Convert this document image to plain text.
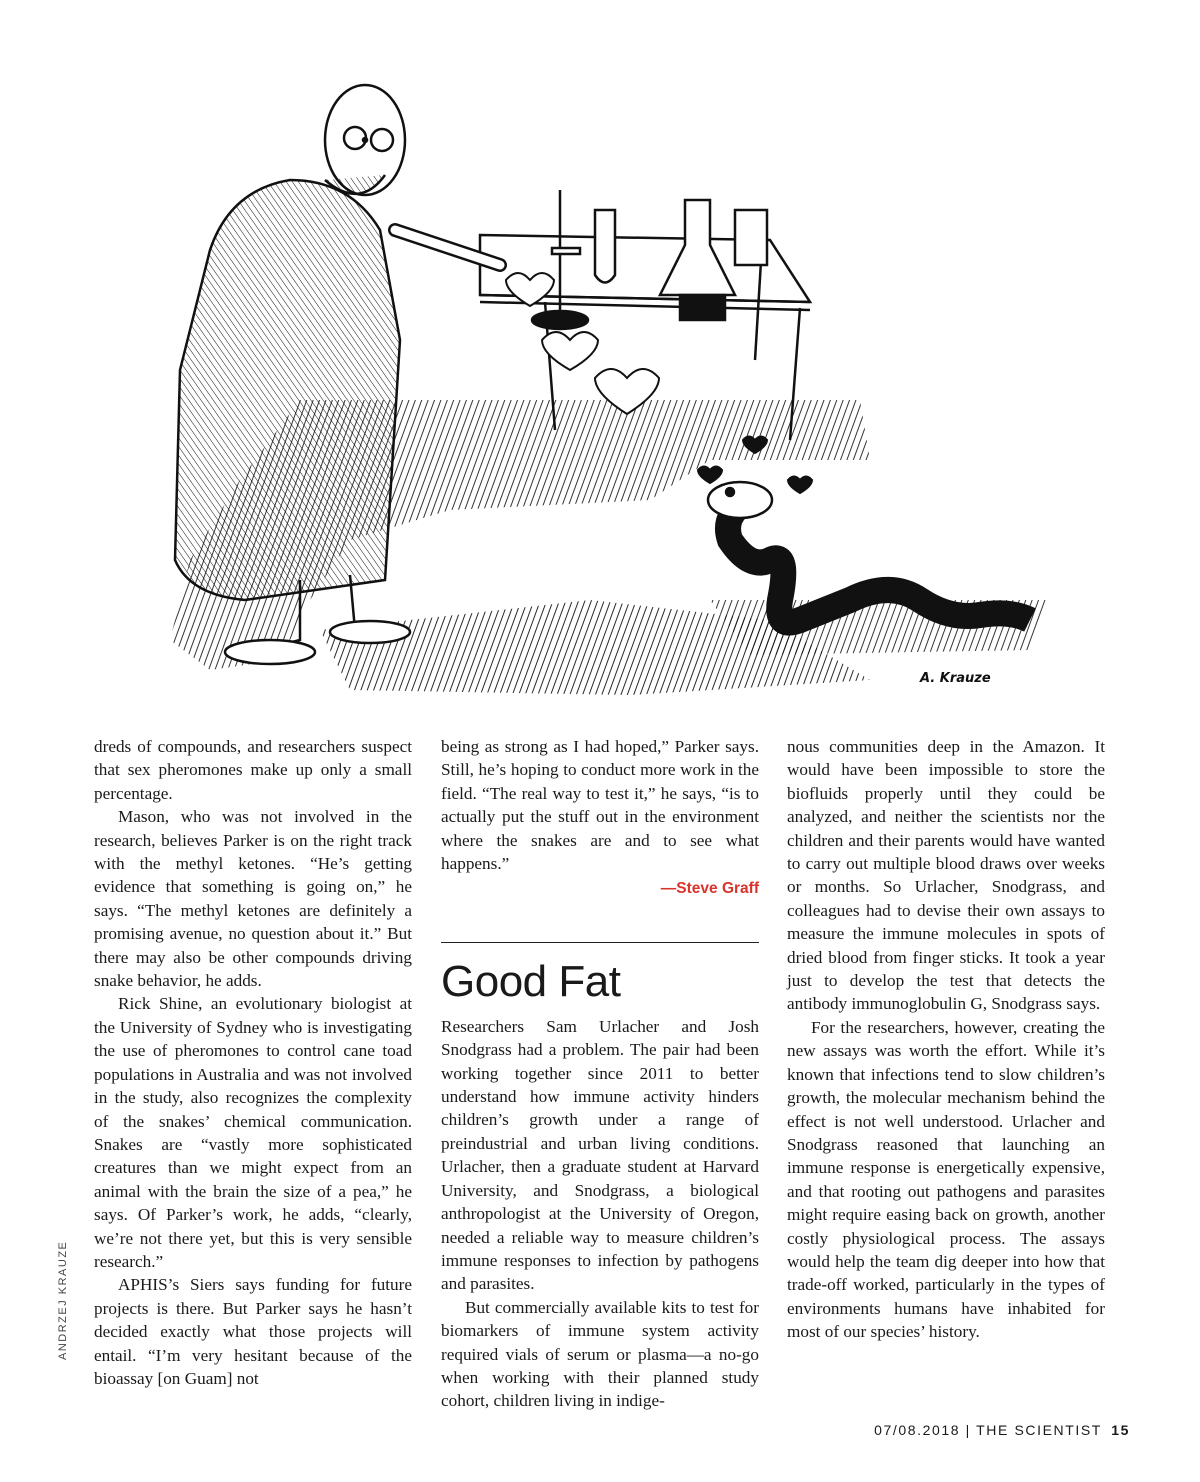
A. Krauze
ANDRZEJ KRAUZE

dreds of compounds, and researchers suspect that sex pheromones make up only a small percentage.

Mason, who was not involved in the research, believes Parker is on the right track with the methyl ketones. “He’s getting evidence that something is going on,” he says. “The methyl ketones are definitely a promising avenue, no question about it.” But there may also be other compounds driving snake behavior, he adds.

Rick Shine, an evolutionary biologist at the University of Sydney who is investigating the use of pheromones to control cane toad populations in Australia and was not involved in the study, also recognizes the complexity of the snakes’ chemical communication. Snakes are “vastly more sophisticated creatures than we might expect from an animal with the brain the size of a pea,” he says. Of Parker’s work, he adds, “clearly, we’re not there yet, but this is very sensible research.”

APHIS’s Siers says funding for future projects is there. But Parker says he hasn’t decided exactly what those projects will entail. “I’m very hesitant because of the bioassay [on Guam] not

being as strong as I had hoped,” Parker says. Still, he’s hoping to conduct more work in the field. “The real way to test it,” he says, “is to actually put the stuff out in the environment where the snakes are and to see what happens.”

—Steve Graff
Good Fat

Researchers Sam Urlacher and Josh Snodgrass had a problem. The pair had been working together since 2011 to better understand how immune activity hinders children’s growth under a range of preindustrial and urban living conditions. Urlacher, then a graduate student at Harvard University, and Snodgrass, a biological anthropologist at the University of Oregon, needed a reliable way to measure children’s immune responses to infection by pathogens and parasites.

But commercially available kits to test for biomarkers of immune system activity required vials of serum or plasma—a no-go when working with their planned study cohort, children living in indige-

nous communities deep in the Amazon. It would have been impossible to store the biofluids properly until they could be analyzed, and neither the scientists nor the children and their parents would have wanted to carry out multiple blood draws over weeks or months. So Urlacher, Snodgrass, and colleagues had to devise their own assays to measure the immune molecules in spots of dried blood from finger sticks. It took a year just to develop the test that detects the antibody immunoglobulin G, Snodgrass says.

For the researchers, however, creating the new assays was worth the effort. While it’s known that infections tend to slow children’s growth, the molecular mechanism behind the effect is not well understood. Urlacher and Snodgrass reasoned that launching an immune response is energetically expensive, and that rooting out pathogens and parasites might require easing back on growth, another costly physiological process. The assays would help the team dig deeper into how that trade-off worked, particularly in the types of environments humans have inhabited for most of our species’ history.

07/08.2018 | THE SCIENTIST 15
